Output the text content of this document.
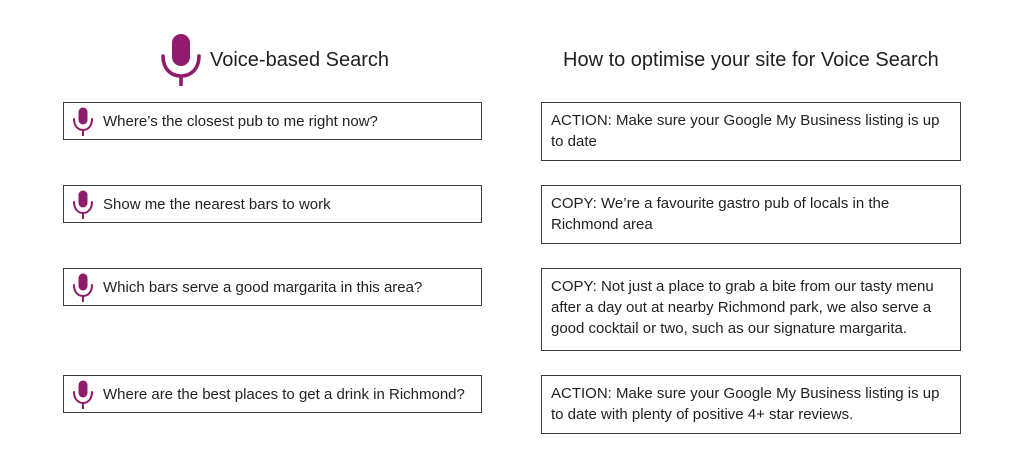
Voice-based Search	How to optimise your site for Voice Search
Where’s the closest pub to me right now?	ACTION: Make sure your Google My Business listing is up to date
Show me the nearest bars to work	COPY: We’re a favourite gastro pub of locals in the Richmond area
Which bars serve a good margarita in this area?	COPY: Not just a place to grab a bite from our tasty menu after a day out at nearby Richmond park, we also serve a good cocktail or two, such as our signature margarita.
Where are the best places to get a drink in Richmond?	ACTION: Make sure your Google My Business listing is up to date with plenty of positive 4+ star reviews.
